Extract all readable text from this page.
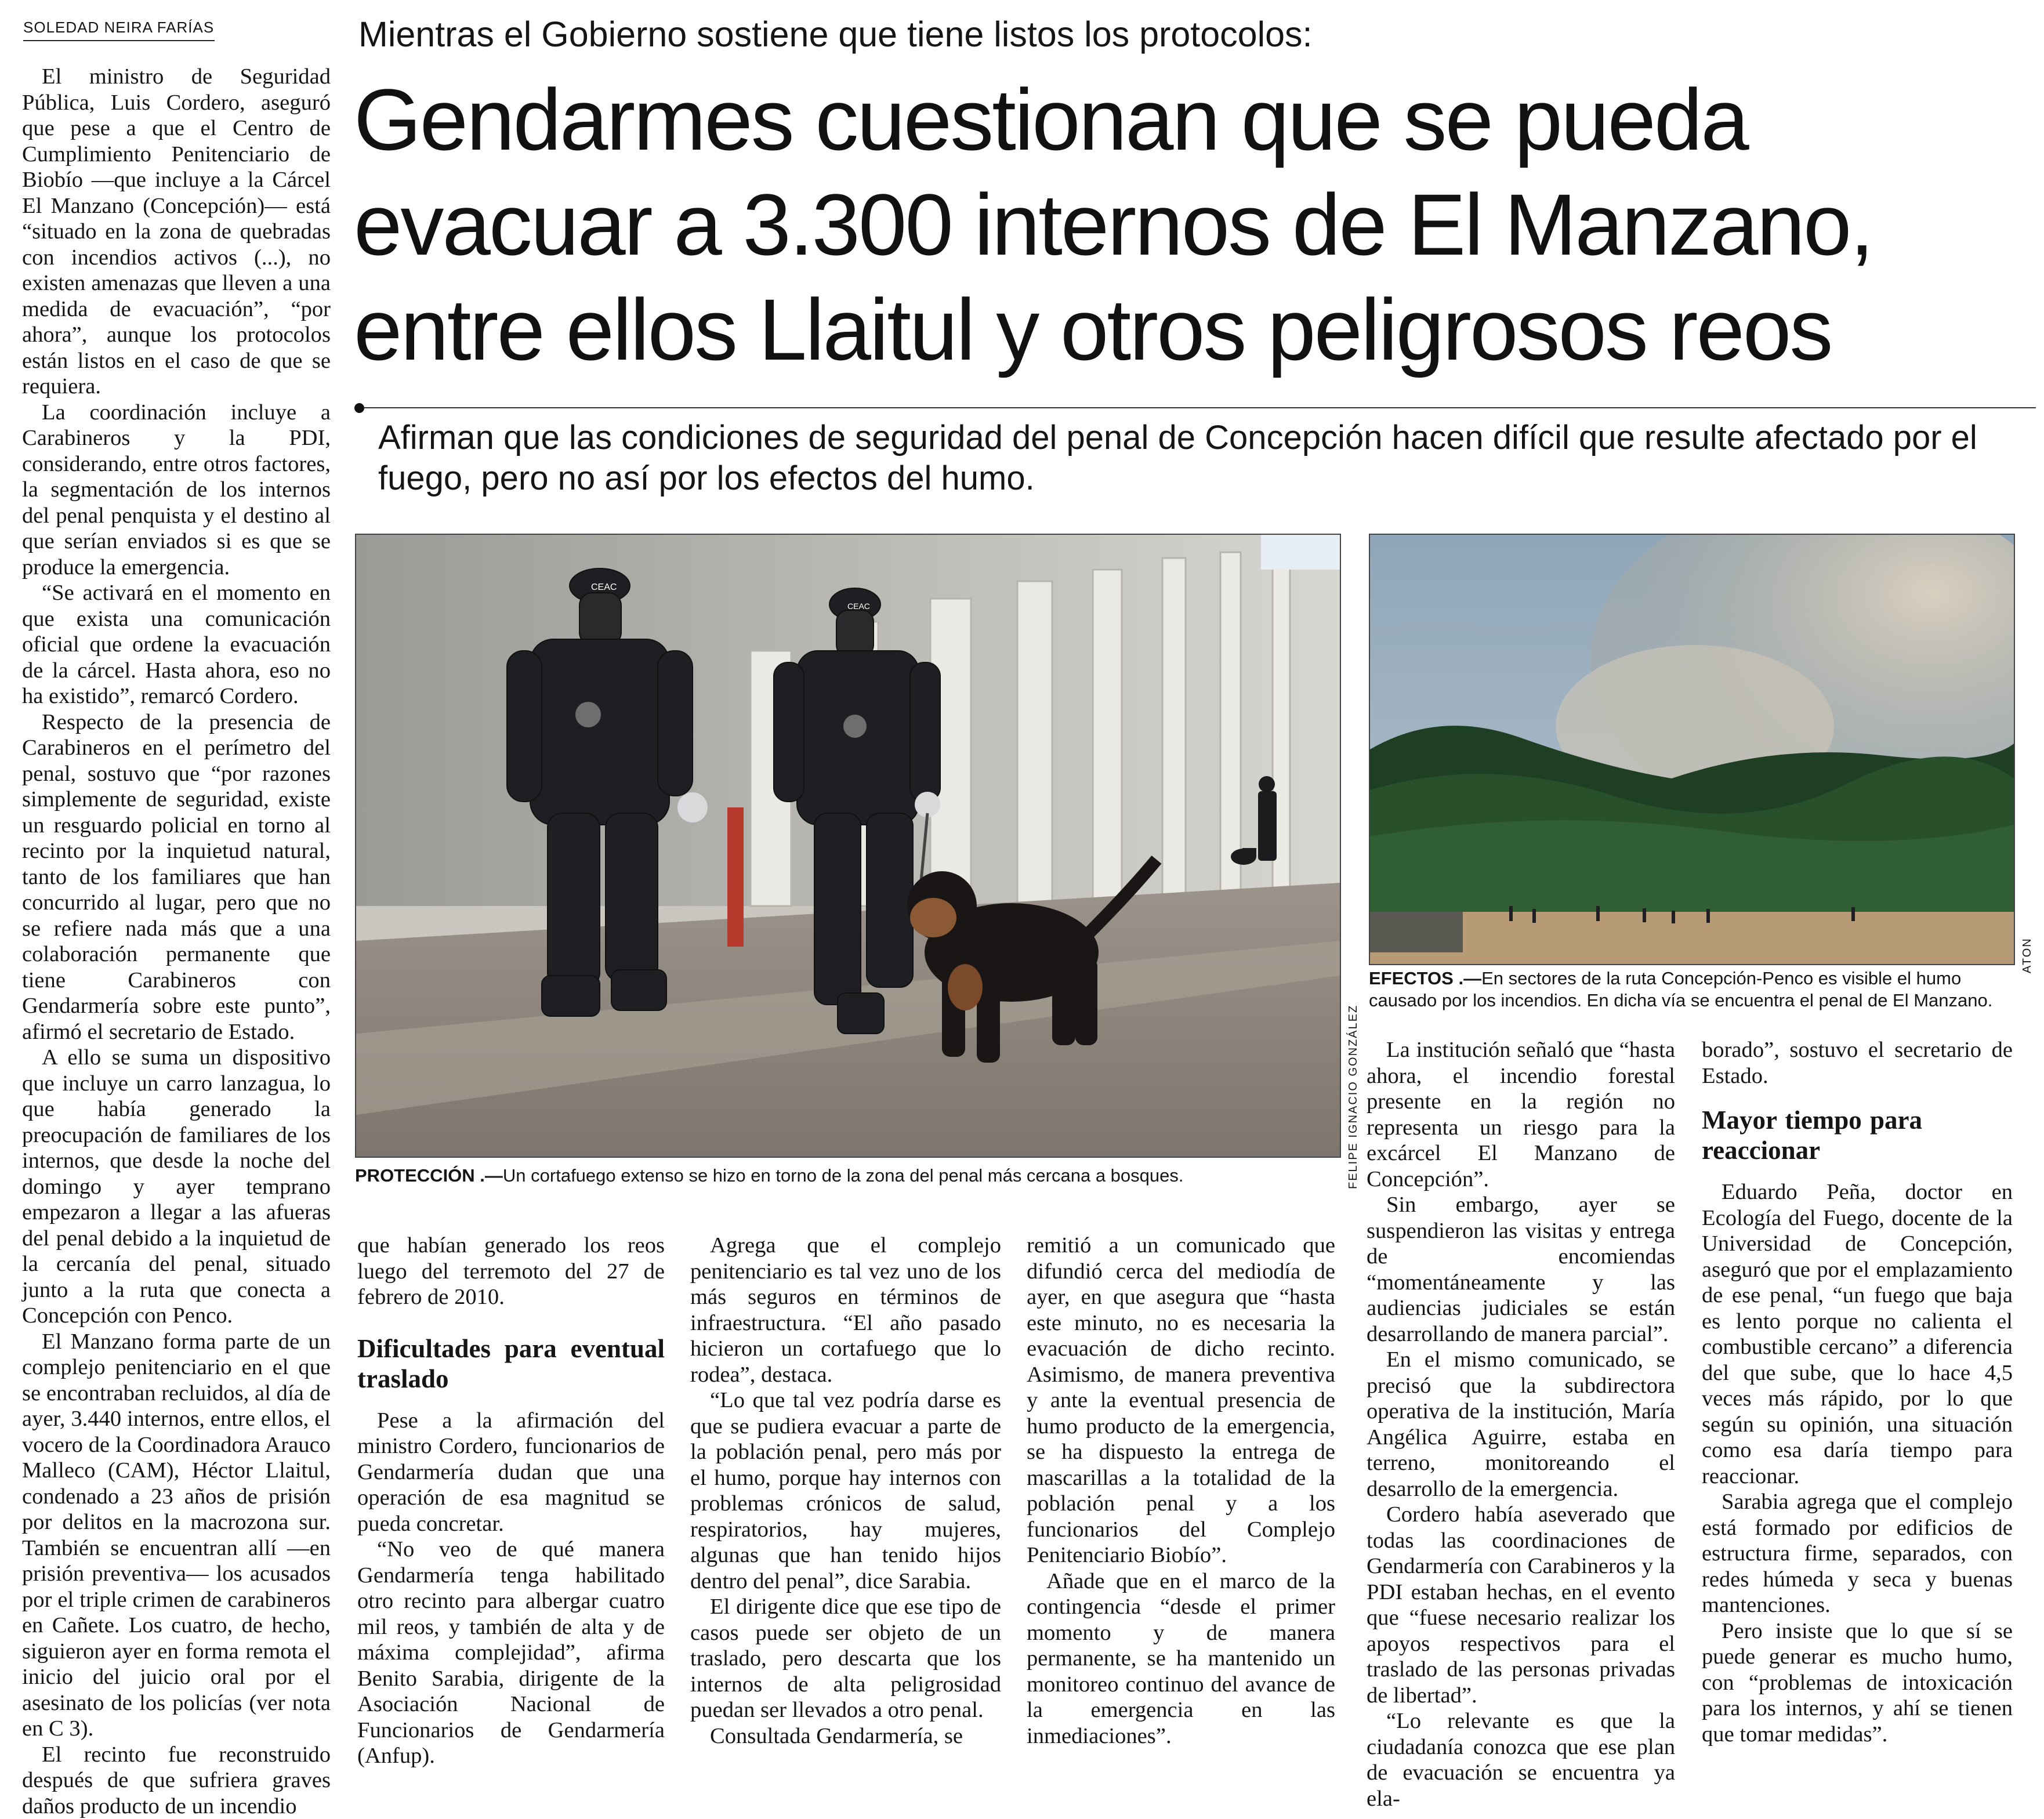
SOLEDAD NEIRA FARÍAS

El ministro de Seguridad Pública, Luis Cordero, aseguró que pese a que el Centro de Cumplimiento Penitenciario de Biobío —que incluye a la Cárcel El Manzano (Concepción)— está “situado en la zona de quebradas con incendios activos (...), no existen amenazas que lleven a una medida de evacuación”, “por ahora”, aunque los protocolos están listos en el caso de que se requiera.

La coordinación incluye a Carabineros y la PDI, considerando, entre otros factores, la segmentación de los internos del penal penquista y el destino al que serían enviados si es que se produce la emergencia.

“Se activará en el momento en que exista una comunicación oficial que ordene la evacuación de la cárcel. Hasta ahora, eso no ha existido”, remarcó Cordero.

Respecto de la presencia de Carabineros en el perímetro del penal, sostuvo que “por razones simplemente de seguridad, existe un resguardo policial en torno al recinto por la inquietud natural, tanto de los familiares que han concurrido al lugar, pero que no se refiere nada más que a una colaboración permanente que tiene Carabineros con Gendarmería sobre este punto”, afirmó el secretario de Estado.

A ello se suma un dispositivo que incluye un carro lanzagua, lo que había generado la preocupación de familiares de los internos, que desde la noche del domingo y ayer temprano empezaron a llegar a las afueras del penal debido a la inquietud de la cercanía del penal, situado junto a la ruta que conecta a Concepción con Penco.

El Manzano forma parte de un complejo penitenciario en el que se encontraban recluidos, al día de ayer, 3.440 internos, entre ellos, el vocero de la Coordinadora Arauco Malleco (CAM), Héctor Llaitul, condenado a 23 años de prisión por delitos en la macrozona sur. También se encuentran allí —en prisión preventiva— los acusados por el triple crimen de carabineros en Cañete. Los cuatro, de hecho, siguieron ayer en forma remota el inicio del juicio oral por el asesinato de los policías (ver nota en C 3).

El recinto fue reconstruido después de que sufriera graves daños producto de un incendio

Mientras el Gobierno sostiene que tiene listos los protocolos:
Gendarmes cuestionan que se pueda
evacuar a 3.300 internos de El Manzano,
entre ellos Llaitul y otros peligrosos reos
Afirman que las condiciones de seguridad del penal de Concepción hacen difícil que resulte afectado por el fuego, pero no así por los efectos del humo.
CEAC
CEAC
FELIPE IGNACIO GONZÁLEZ
PROTECCIÓN .—Un cortafuego extenso se hizo en torno de la zona del penal más cercana a bosques.
ATON
EFECTOS .—En sectores de la ruta Concepción-Penco es visible el humo causado por los incendios. En dicha vía se encuentra el penal de El Manzano.

que habían generado los reos luego del terremoto del 27 de febrero de 2010.

Dificultades para eventual traslado

Pese a la afirmación del ministro Cordero, funcionarios de Gendarmería dudan que una operación de esa magnitud se pueda concretar.

“No veo de qué manera Gendarmería tenga habilitado otro recinto para albergar cuatro mil reos, y también de alta y de máxima complejidad”, afirma Benito Sarabia, dirigente de la Asociación Nacional de Funcionarios de Gendarmería (Anfup).

Agrega que el complejo penitenciario es tal vez uno de los más seguros en términos de infraestructura. “El año pasado hicieron un cortafuego que lo rodea”, destaca.

“Lo que tal vez podría darse es que se pudiera evacuar a parte de la población penal, pero más por el humo, porque hay internos con problemas crónicos de salud, respiratorios, hay mujeres, algunas que han tenido hijos dentro del penal”, dice Sarabia.

El dirigente dice que ese tipo de casos puede ser objeto de un traslado, pero descarta que los internos de alta peligrosidad puedan ser llevados a otro penal.

Consultada Gendarmería, se

remitió a un comunicado que difundió cerca del mediodía de ayer, en que asegura que “hasta este minuto, no es necesaria la evacuación de dicho recinto. Asimismo, de manera preventiva y ante la eventual presencia de humo producto de la emergencia, se ha dispuesto la entrega de mascarillas a la totalidad de la población penal y a los funcionarios del Complejo Penitenciario Biobío”.

Añade que en el marco de la contingencia “desde el primer momento y de manera permanente, se ha mantenido un monitoreo continuo del avance de la emergencia en las inmediaciones”.

La institución señaló que “hasta ahora, el incendio forestal presente en la región no representa un riesgo para la excárcel El Manzano de Concepción”.

Sin embargo, ayer se suspendieron las visitas y entrega de encomiendas “momentáneamente y las audiencias judiciales se están desarrollando de manera parcial”.

En el mismo comunicado, se precisó que la subdirectora operativa de la institución, María Angélica Aguirre, estaba en terreno, monitoreando el desarrollo de la emergencia.

Cordero había aseverado que todas las coordinaciones de Gendarmería con Carabineros y la PDI estaban hechas, en el evento que “fuese necesario realizar los apoyos respectivos para el traslado de las personas privadas de libertad”.

“Lo relevante es que la ciudadanía conozca que ese plan de evacuación se encuentra ya ela-

borado”, sostuvo el secretario de Estado.

Mayor tiempo para reaccionar

Eduardo Peña, doctor en Ecología del Fuego, docente de la Universidad de Concepción, aseguró que por el emplazamiento de ese penal, “un fuego que baja es lento porque no calienta el combustible cercano” a diferencia del que sube, que lo hace 4,5 veces más rápido, por lo que según su opinión, una situación como esa daría tiempo para reaccionar.

Sarabia agrega que el complejo está formado por edificios de estructura firme, separados, con redes húmeda y seca y buenas mantenciones.

Pero insiste que lo que sí se puede generar es mucho humo, con “problemas de intoxicación para los internos, y ahí se tienen que tomar medidas”.
